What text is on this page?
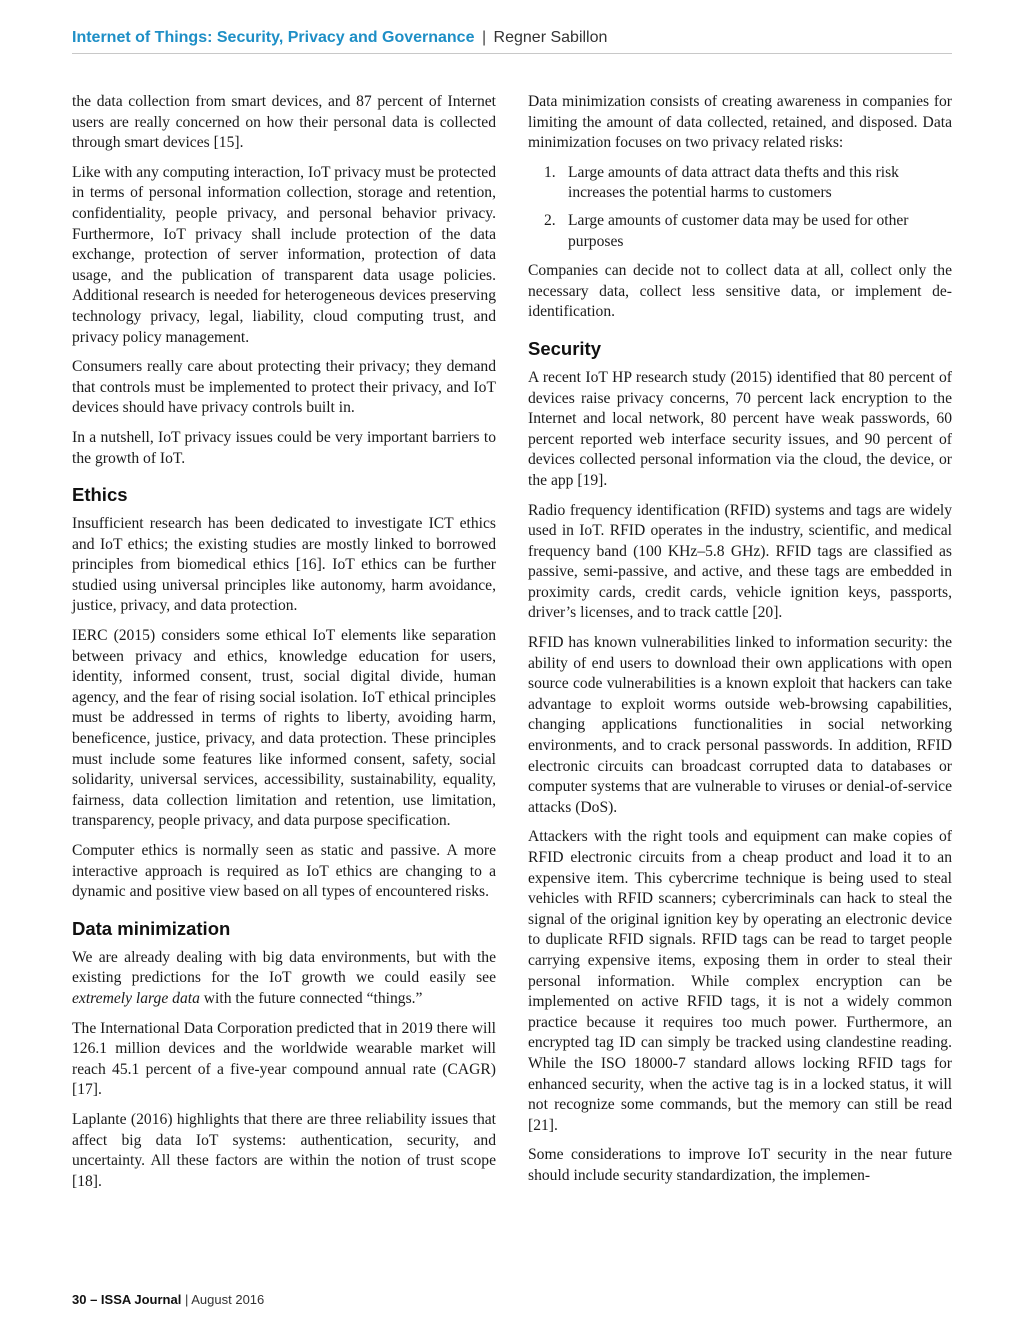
Internet of Things: Security, Privacy and Governance | Regner Sabillon

the data collection from smart devices, and 87 percent of Internet users are really concerned on how their personal data is collected through smart devices [15].

Like with any computing interaction, IoT privacy must be protected in terms of personal information collection, storage and retention, confidentiality, people privacy, and personal behavior privacy. Furthermore, IoT privacy shall include protection of the data exchange, protection of server information, protection of data usage, and the publication of transparent data usage policies. Additional research is needed for heterogeneous devices preserving technology privacy, legal, liability, cloud computing trust, and privacy policy management.

Consumers really care about protecting their privacy; they demand that controls must be implemented to protect their privacy, and IoT devices should have privacy controls built in.

In a nutshell, IoT privacy issues could be very important barriers to the growth of IoT.

Ethics

Insufficient research has been dedicated to investigate ICT ethics and IoT ethics; the existing studies are mostly linked to borrowed principles from biomedical ethics [16]. IoT ethics can be further studied using universal principles like autonomy, harm avoidance, justice, privacy, and data protection.

IERC (2015) considers some ethical IoT elements like separation between privacy and ethics, knowledge education for users, identity, informed consent, trust, social digital divide, human agency, and the fear of rising social isolation. IoT ethical principles must be addressed in terms of rights to liberty, avoiding harm, beneficence, justice, privacy, and data protection. These principles must include some features like informed consent, safety, social solidarity, universal services, accessibility, sustainability, equality, fairness, data collection limitation and retention, use limitation, transparency, people privacy, and data purpose specification.

Computer ethics is normally seen as static and passive. A more interactive approach is required as IoT ethics are changing to a dynamic and positive view based on all types of encountered risks.

Data minimization

We are already dealing with big data environments, but with the existing predictions for the IoT growth we could easily see extremely large data with the future connected “things.”

The International Data Corporation predicted that in 2019 there will 126.1 million devices and the worldwide wearable market will reach 45.1 percent of a five-year compound annual rate (CAGR) [17].

Laplante (2016) highlights that there are three reliability issues that affect big data IoT systems: authentication, security, and uncertainty. All these factors are within the notion of trust scope [18].

Data minimization consists of creating awareness in companies for limiting the amount of data collected, retained, and disposed. Data minimization focuses on two privacy related risks:

1. Large amounts of data attract data thefts and this risk increases the potential harms to customers
2. Large amounts of customer data may be used for other purposes

Companies can decide not to collect data at all, collect only the necessary data, collect less sensitive data, or implement de-identification.

Security

A recent IoT HP research study (2015) identified that 80 percent of devices raise privacy concerns, 70 percent lack encryption to the Internet and local network, 80 percent have weak passwords, 60 percent reported web interface security issues, and 90 percent of devices collected personal information via the cloud, the device, or the app [19].

Radio frequency identification (RFID) systems and tags are widely used in IoT. RFID operates in the industry, scientific, and medical frequency band (100 KHz–5.8 GHz). RFID tags are classified as passive, semi-passive, and active, and these tags are embedded in proximity cards, credit cards, vehicle ignition keys, passports, driver’s licenses, and to track cattle [20].

RFID has known vulnerabilities linked to information security: the ability of end users to download their own applications with open source code vulnerabilities is a known exploit that hackers can take advantage to exploit worms outside web-browsing capabilities, changing applications functionalities in social networking environments, and to crack personal passwords. In addition, RFID electronic circuits can broadcast corrupted data to databases or computer systems that are vulnerable to viruses or denial-of-service attacks (DoS).

Attackers with the right tools and equipment can make copies of RFID electronic circuits from a cheap product and load it to an expensive item. This cybercrime technique is being used to steal vehicles with RFID scanners; cybercriminals can hack to steal the signal of the original ignition key by operating an electronic device to duplicate RFID signals. RFID tags can be read to target people carrying expensive items, exposing them in order to steal their personal information. While complex encryption can be implemented on active RFID tags, it is not a widely common practice because it requires too much power. Furthermore, an encrypted tag ID can simply be tracked using clandestine reading. While the ISO 18000-7 standard allows locking RFID tags for enhanced security, when the active tag is in a locked status, it will not recognize some commands, but the memory can still be read [21].

Some considerations to improve IoT security in the near future should include security standardization, the implemen-

30 – ISSA Journal | August 2016
